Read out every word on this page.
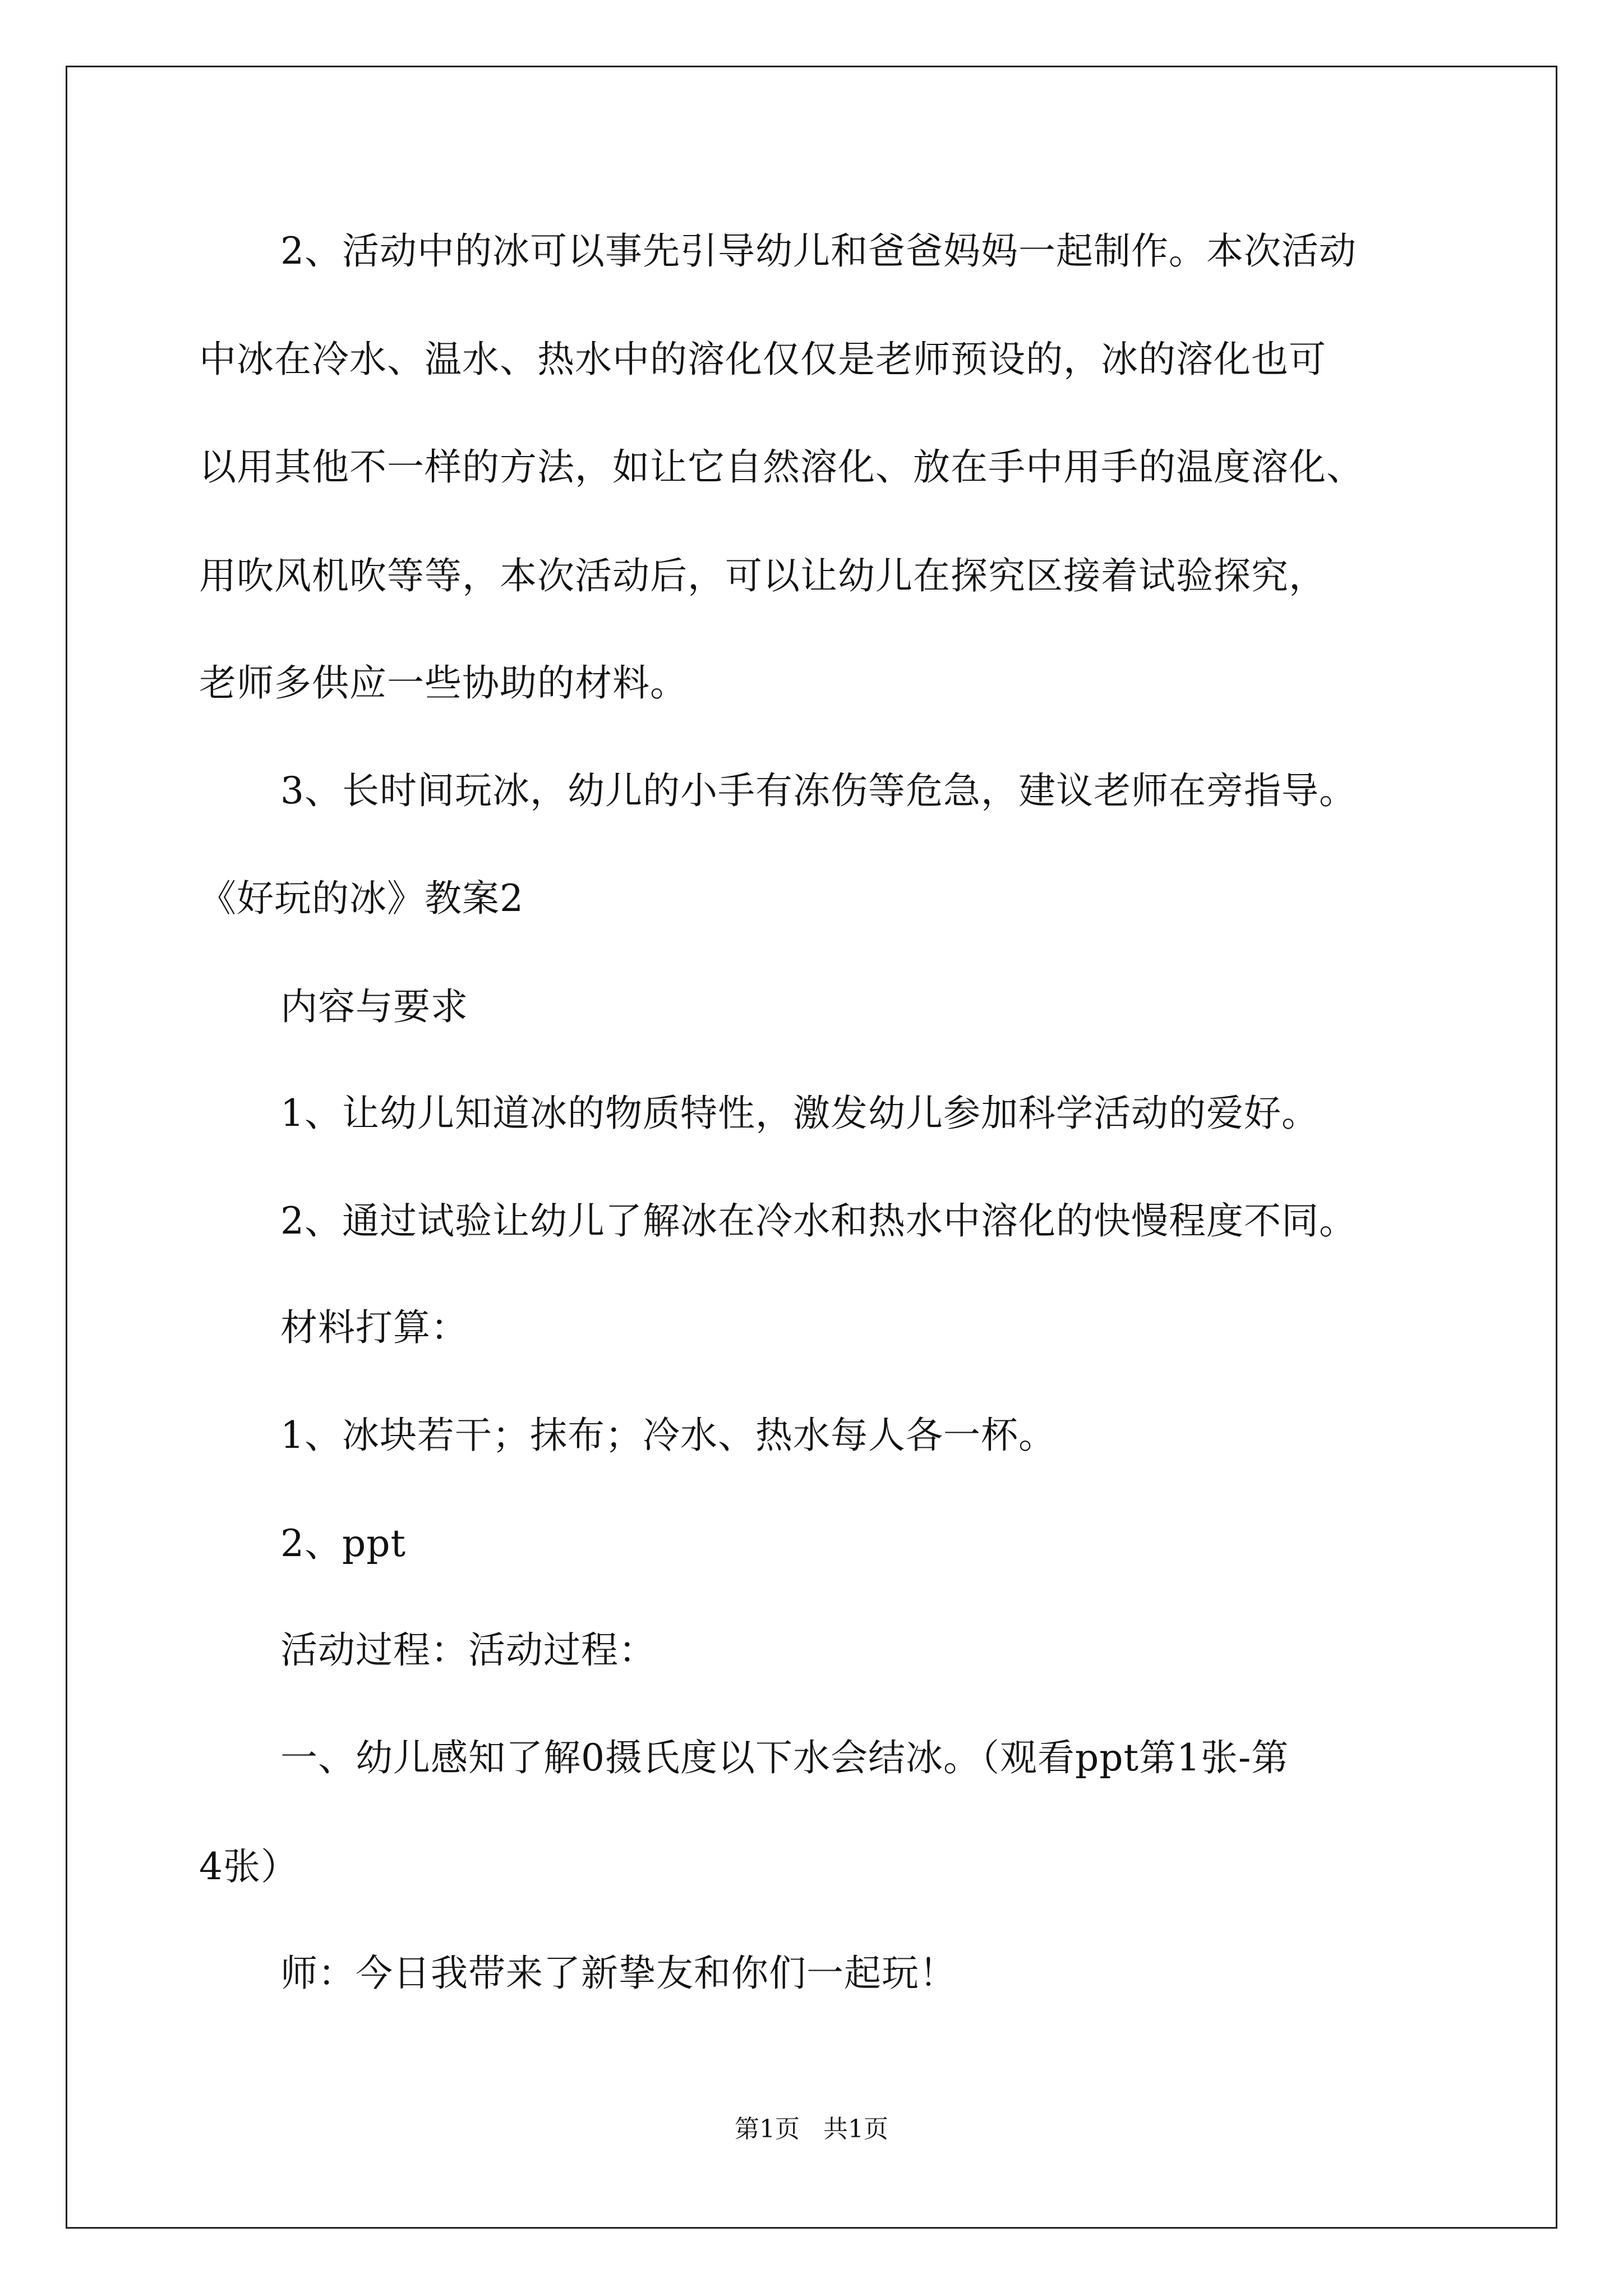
2、活动中的冰可以事先引导幼儿和爸爸妈妈一起制作。本次活动

中冰在冷水、温水、热水中的溶化仅仅是老师预设的，冰的溶化也可

以用其他不一样的方法，如让它自然溶化、放在手中用手的温度溶化、

用吹风机吹等等，本次活动后，可以让幼儿在探究区接着试验探究，

老师多供应一些协助的材料。

3、长时间玩冰，幼儿的小手有冻伤等危急，建议老师在旁指导。

《好玩的冰》教案2

内容与要求

1、让幼儿知道冰的物质特性，激发幼儿参加科学活动的爱好。

2、通过试验让幼儿了解冰在冷水和热水中溶化的快慢程度不同。

材料打算：

1、冰块若干；抹布；冷水、热水每人各一杯。

2、ppt

活动过程：活动过程：

一、幼儿感知了解0摄氏度以下水会结冰。（观看ppt第1张-第

4张）

师：今日我带来了新挚友和你们一起玩！

第1页   共1页
